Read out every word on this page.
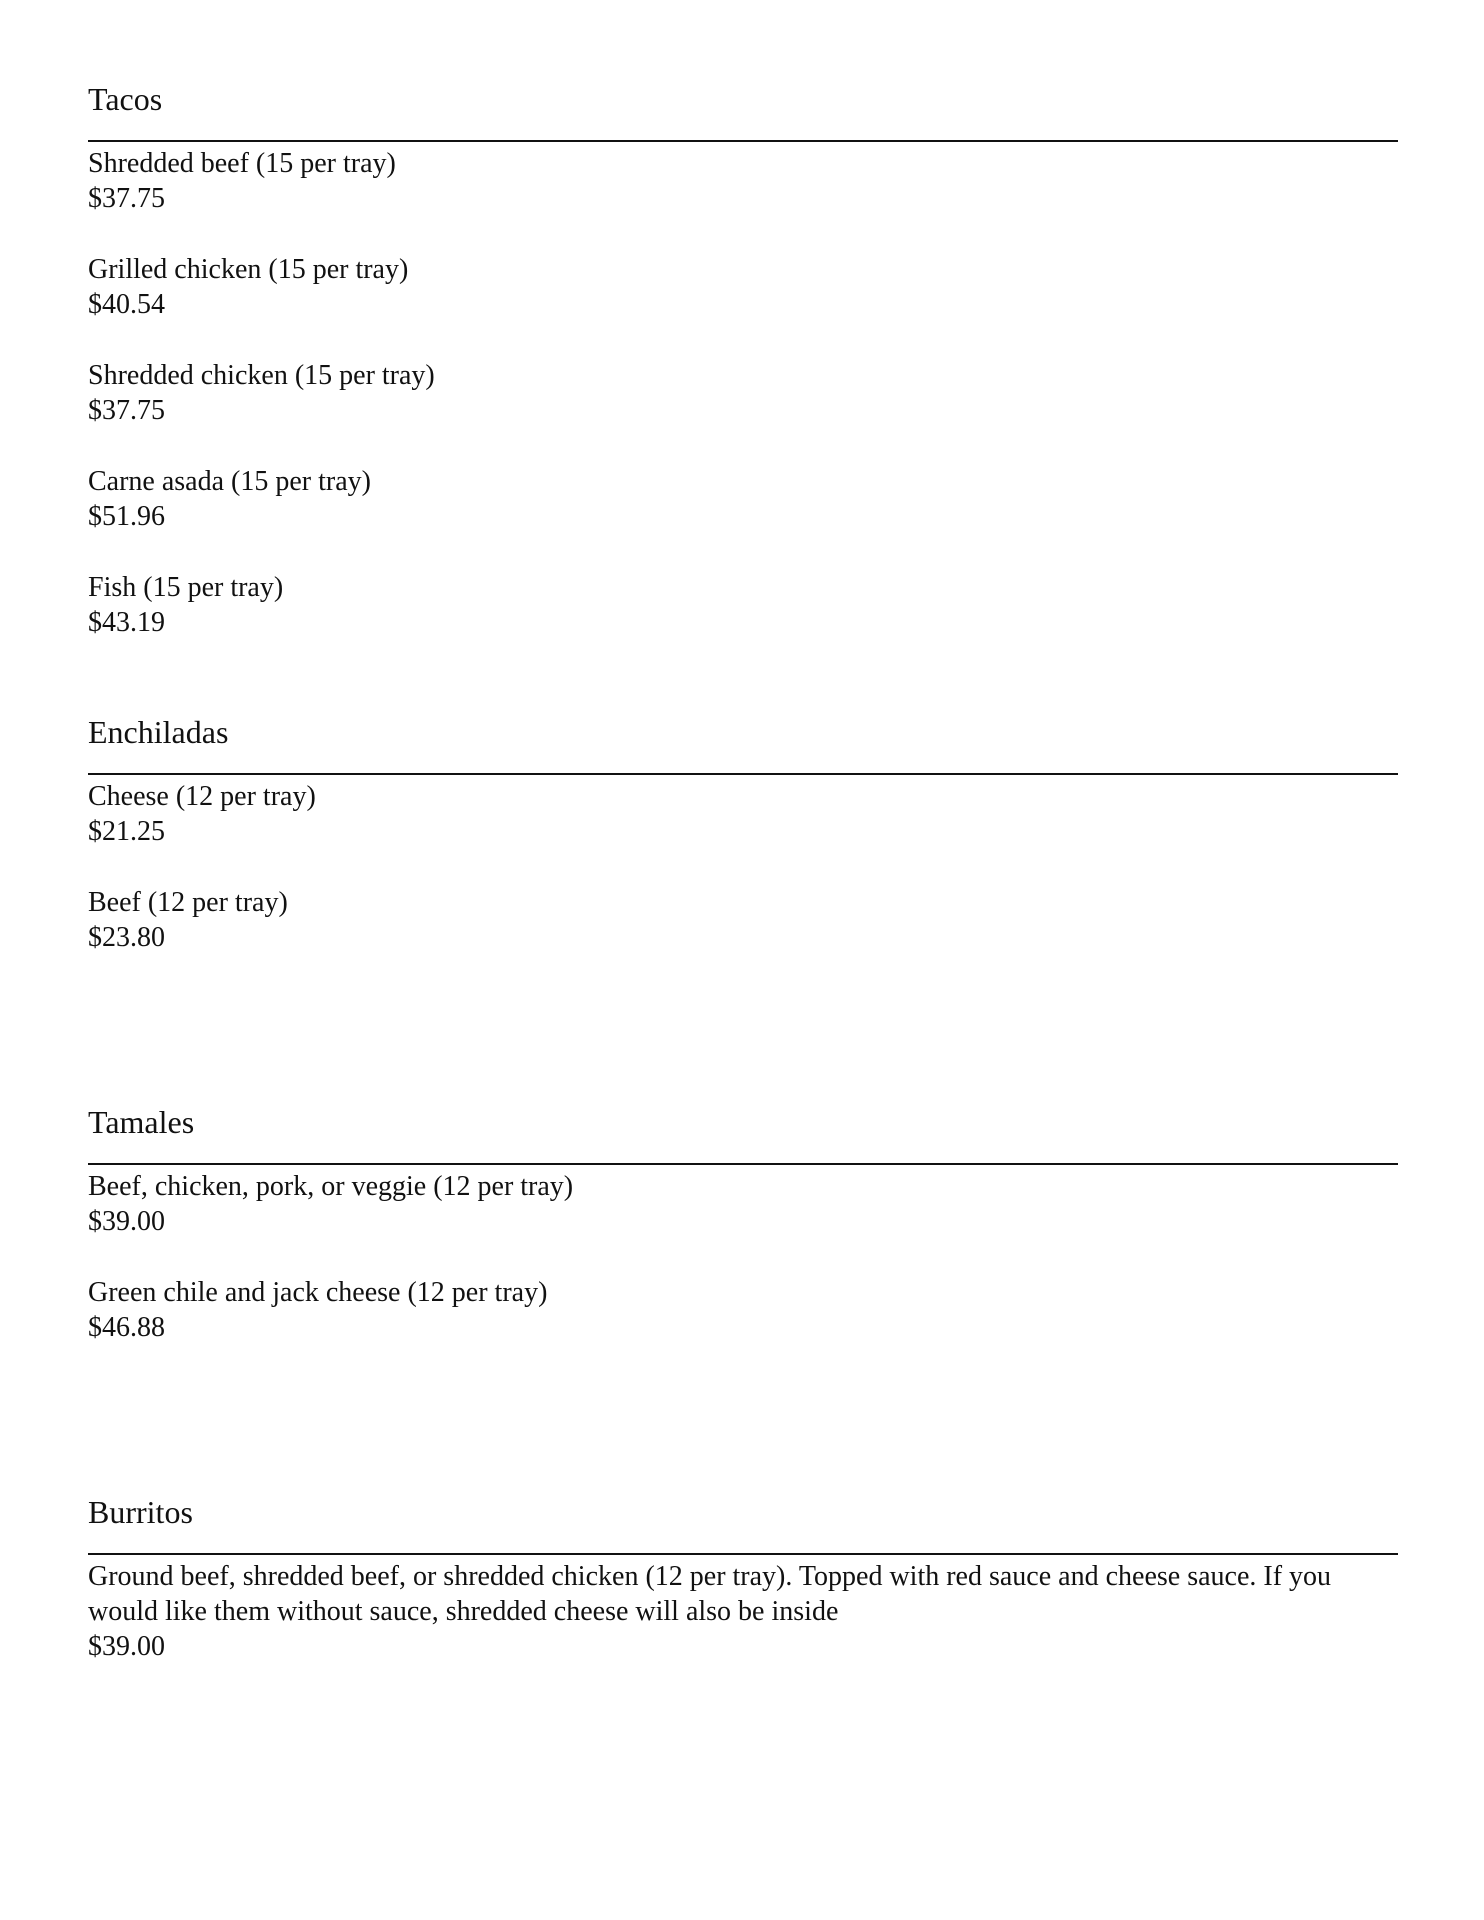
Tacos
Shredded beef (15 per tray)
$37.75
Grilled chicken (15 per tray)
$40.54
Shredded chicken (15 per tray)
$37.75
Carne asada (15 per tray)
$51.96
Fish (15 per tray)
$43.19
Enchiladas
Cheese (12 per tray)
$21.25
Beef (12 per tray)
$23.80
Tamales
Beef, chicken, pork, or veggie (12 per tray)
$39.00
Green chile and jack cheese (12 per tray)
$46.88
Burritos
Ground beef, shredded beef, or shredded chicken (12 per tray). Topped with red sauce and cheese sauce. If you would like them without sauce, shredded cheese will also be inside
$39.00
